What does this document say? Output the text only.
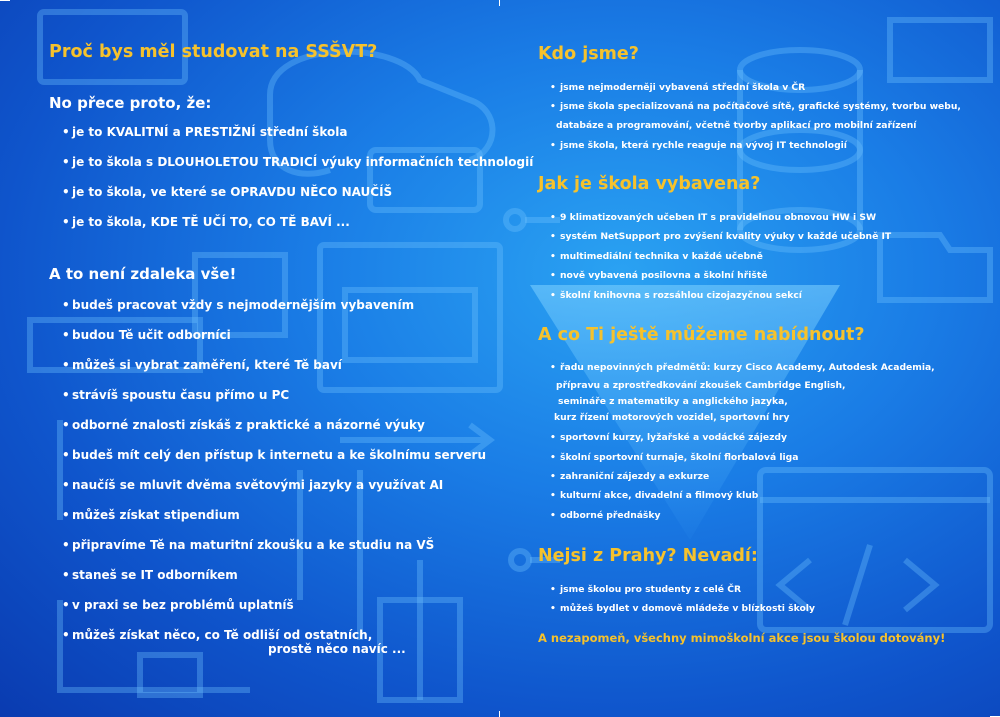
Proč bys měl studovat na SSŠVT?
No přece proto, že:
• je to KVALITNÍ a PRESTIŽNÍ střední škola
• je to škola s DLOUHOLETOU TRADICÍ výuky informačních technologií
• je to škola, ve které se OPRAVDU NĚCO NAUČÍŠ
• je to škola, KDE TĚ UČÍ TO, CO TĚ BAVÍ ...
A to není zdaleka vše!
• budeš pracovat vždy s nejmodernějším vybavením
• budou Tě učit odborníci
• můžeš si vybrat zaměření, které Tě baví
• strávíš spoustu času přímo u PC
• odborné znalosti získáš z praktické a názorné výuky
• budeš mít celý den přístup k internetu a ke školnímu serveru
• naučíš se mluvit dvěma světovými jazyky a využívat AI
• můžeš získat stipendium
• připravíme Tě na maturitní zkoušku a ke studiu na VŠ
• staneš se IT odborníkem
• v praxi se bez problémů uplatníš
• můžeš získat něco, co Tě odliší od ostatních,
prostě něco navíc ...
Kdo jsme?
• jsme nejmoderněji vybavená střední škola v ČR
• jsme škola specializovaná na počítačové sítě, grafické systémy, tvorbu webu,
• jsme škola, která rychle reaguje na vývoj IT technologií
databáze a programování, včetně tvorby aplikací pro mobilní zařízení
Jak je škola vybavena?
• 9 klimatizovaných učeben IT s pravidelnou obnovou HW i SW
• systém NetSupport pro zvýšení kvality výuky v každé učebně IT
• multimediální technika v každé učebně
• nově vybavená posilovna a školní hřiště
• školní knihovna s rozsáhlou cizojazyčnou sekcí
A co Ti ještě můžeme nabídnout?
• řadu nepovinných předmětů: kurzy Cisco Academy, Autodesk Academia,
přípravu a zprostředkování zkoušek Cambridge English,
semináře z matematiky a anglického jazyka,
kurz řízení motorových vozidel, sportovní hry
• sportovní kurzy, lyžařské a vodácké zájezdy
• školní sportovní turnaje, školní florbalová liga
• zahraniční zájezdy a exkurze
• kulturní akce, divadelní a filmový klub
• odborné přednášky
Nejsi z Prahy? Nevadí:
• jsme školou pro studenty z celé ČR
• můžeš bydlet v domově mládeže v blízkosti školy
A nezapomeň, všechny mimoškolní akce jsou školou dotovány!
